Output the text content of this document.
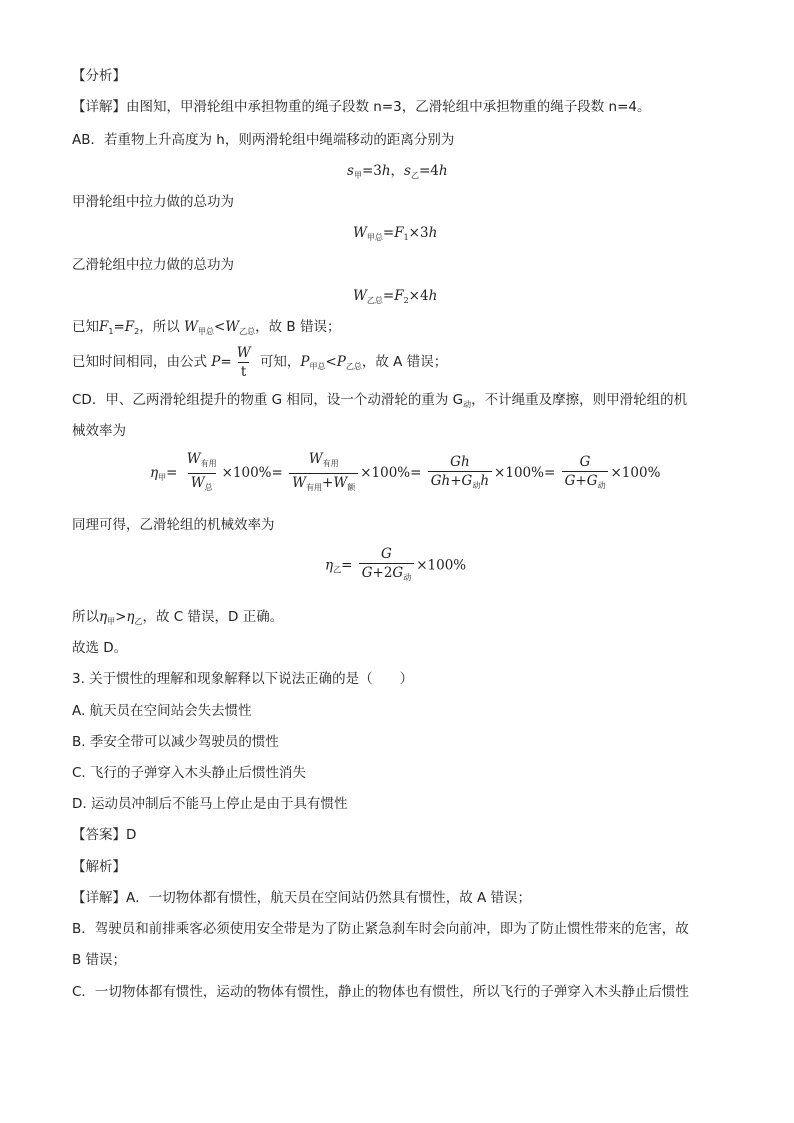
【分析】
【详解】由图知，甲滑轮组中承担物重的绳子段数 n=3，乙滑轮组中承担物重的绳子段数 n=4。
AB．若重物上升高度为 h，则两滑轮组中绳端移动的距离分别为
$s_甲=3h$，$s_乙=4h$
甲滑轮组中拉力做的总功为
$W_{甲总}=F_1\times 3h$
乙滑轮组中拉力做的总功为
$W_{乙总}=F_2\times 4h$
已知$F_1=F_2$，所以 $W_{甲总}<W_{乙总}$，故 B 错误；
已知时间相同，由公式 $P= \frac{W}{t}$ 可知，$P_{甲总}<P_{乙总}$，故 A 错误；
CD．甲、乙两滑轮组提升的物重 G 相同，设一个动滑轮的重为 $G_动$，不计绳重及摩擦，则甲滑轮组的机
械效率为
$\eta_甲= \frac{W_{有用}}{W_总} \times 100\%= \frac{W_{有用}}{W_{有用}+W_额} \times 100\%= \frac{Gh}{Gh+G_动h} \times 100\%= \frac{G}{G+G_动} \times 100\%$
同理可得，乙滑轮组的机械效率为
$\eta_乙= \frac{G}{G+2G_动} \times 100\%$
所以$\eta_甲>\eta_乙$，故 C 错误，D 正确。
故选 D。
3. 关于惯性的理解和现象解释以下说法正确的是（　　）
A. 航天员在空间站会失去惯性
B. 季安全带可以减少驾驶员的惯性
C. 飞行的子弹穿入木头静止后惯性消失
D. 运动员冲制后不能马上停止是由于具有惯性
【答案】D
【解析】
【详解】A．一切物体都有惯性，航天员在空间站仍然具有惯性，故 A 错误；
B．驾驶员和前排乘客必须使用安全带是为了防止紧急刹车时会向前冲，即为了防止惯性带来的危害，故
B 错误；
C．一切物体都有惯性，运动的物体有惯性，静止的物体也有惯性，所以飞行的子弹穿入木头静止后惯性
